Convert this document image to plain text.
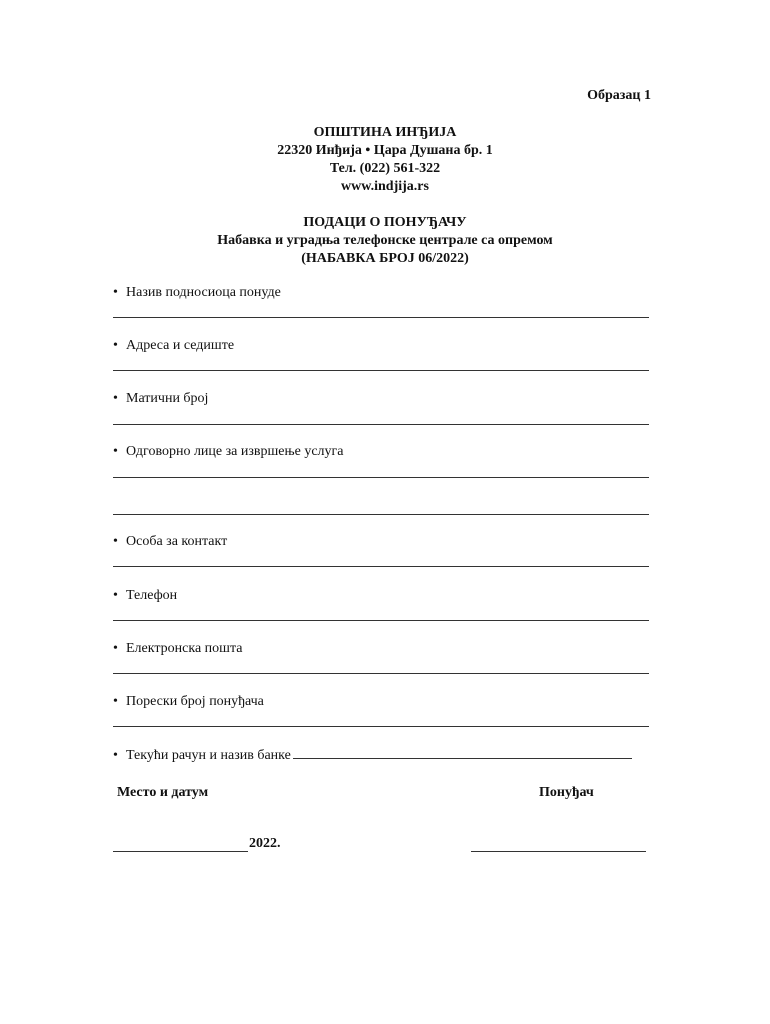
Образац 1
ОПШТИНА ИНЂИЈА
22320 Инђија • Цара Душана бр. 1
Тел. (022) 561-322
www.indjija.rs
ПОДАЦИ О ПОНУЂАЧУ
Набавка и уградња телефонске централе са опремом
(НАБАВКА БРОЈ 06/2022)
• Назив подносиоца понуде
• Адреса и седиште
• Матични број
• Одговорно лице за извршење услуга
• Особа за контакт
• Телефон
• Електронска пошта
• Порески број понуђача
• Текући рачун и назив банке
Место и датум	Понуђач
2022.
